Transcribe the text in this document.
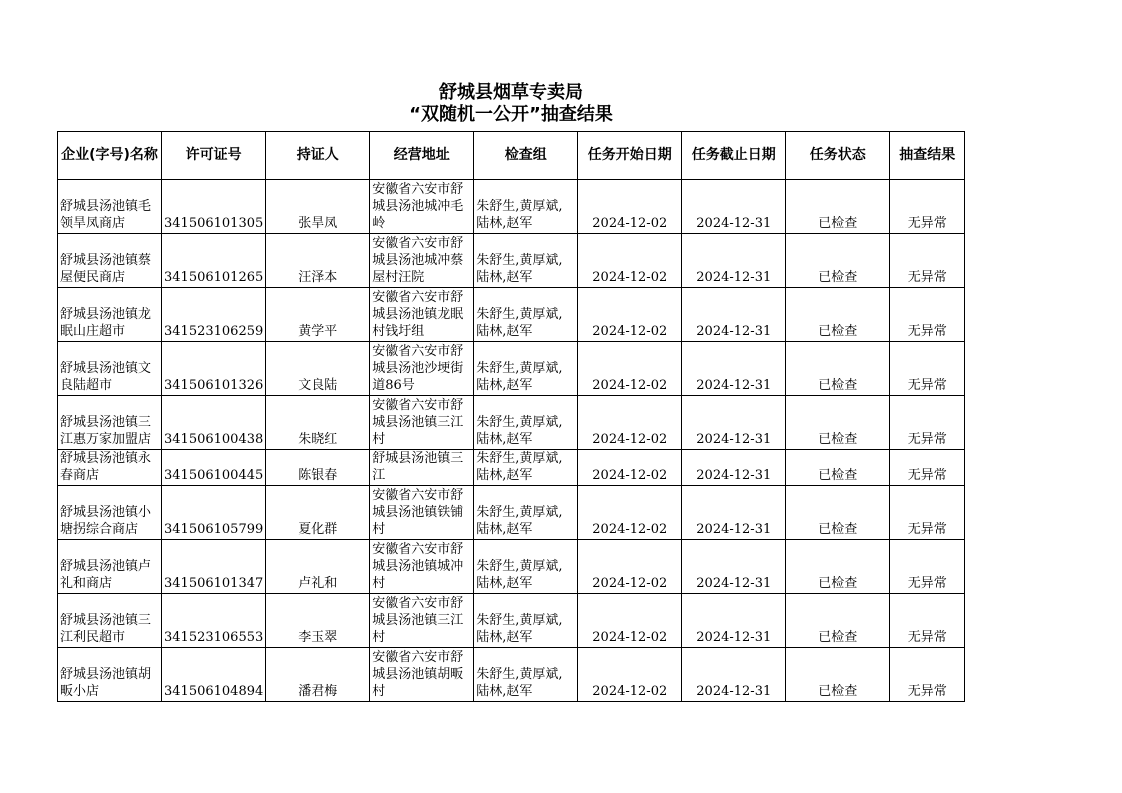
舒城县烟草专卖局
“双随机一公开”抽查结果
企业(字号)名称	许可证号	持证人	经营地址	检查组	任务开始日期	任务截止日期	任务状态	抽查结果
舒城县汤池镇毛领旱凤商店	341506101305	张旱凤	安徽省六安市舒城县汤池城冲毛岭	朱舒生,黄厚斌,陆林,赵军	2024-12-02	2024-12-31	已检查	无异常
舒城县汤池镇蔡屋便民商店	341506101265	汪泽本	安徽省六安市舒城县汤池城冲蔡屋村汪院	朱舒生,黄厚斌,陆林,赵军	2024-12-02	2024-12-31	已检查	无异常
舒城县汤池镇龙眠山庄超市	341523106259	黄学平	安徽省六安市舒城县汤池镇龙眠村钱圩组	朱舒生,黄厚斌,陆林,赵军	2024-12-02	2024-12-31	已检查	无异常
舒城县汤池镇文良陆超市	341506101326	文良陆	安徽省六安市舒城县汤池沙埂街道86号	朱舒生,黄厚斌,陆林,赵军	2024-12-02	2024-12-31	已检查	无异常
舒城县汤池镇三江惠万家加盟店	341506100438	朱晓红	安徽省六安市舒城县汤池镇三江村	朱舒生,黄厚斌,陆林,赵军	2024-12-02	2024-12-31	已检查	无异常
舒城县汤池镇永春商店	341506100445	陈银春	舒城县汤池镇三江	朱舒生,黄厚斌,陆林,赵军	2024-12-02	2024-12-31	已检查	无异常
舒城县汤池镇小塘拐综合商店	341506105799	夏化群	安徽省六安市舒城县汤池镇铁铺村	朱舒生,黄厚斌,陆林,赵军	2024-12-02	2024-12-31	已检查	无异常
舒城县汤池镇卢礼和商店	341506101347	卢礼和	安徽省六安市舒城县汤池镇城冲村	朱舒生,黄厚斌,陆林,赵军	2024-12-02	2024-12-31	已检查	无异常
舒城县汤池镇三江利民超市	341523106553	李玉翠	安徽省六安市舒城县汤池镇三江村	朱舒生,黄厚斌,陆林,赵军	2024-12-02	2024-12-31	已检查	无异常
舒城县汤池镇胡畈小店	341506104894	潘君梅	安徽省六安市舒城县汤池镇胡畈村	朱舒生,黄厚斌,陆林,赵军	2024-12-02	2024-12-31	已检查	无异常
